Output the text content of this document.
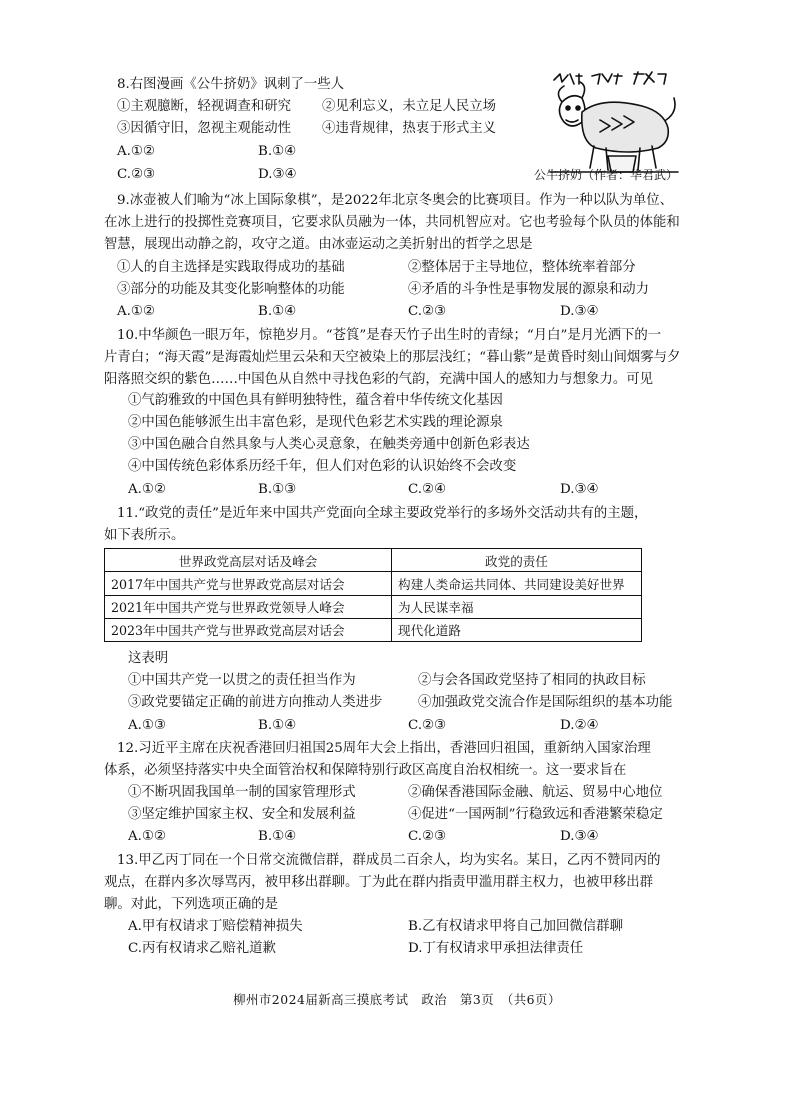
8.右图漫画《公牛挤奶》讽刺了一些人
①主观臆断，轻视调查和研究 ②见利忘义，未立足人民立场
③因循守旧，忽视主观能动性 ④违背规律，热衷于形式主义
A.①②	B.①④
C.②③	D.③④	公牛挤奶（作者：华君武）
9.冰壶被人们喻为“冰上国际象棋”，是2022年北京冬奥会的比赛项目。作为一种以队为单位、
在冰上进行的投掷性竞赛项目，它要求队员融为一体，共同机智应对。它也考验每个队员的体能和
智慧，展现出动静之韵，攻守之道。由冰壶运动之美折射出的哲学之思是
①人的自主选择是实践取得成功的基础	②整体居于主导地位，整体统率着部分
③部分的功能及其变化影响整体的功能	④矛盾的斗争性是事物发展的源泉和动力
A.①②	B.①④	C.②③	D.③④
10.中华颜色一眼万年，惊艳岁月。“苍筤”是春天竹子出生时的青绿；“月白”是月光洒下的一
片青白；“海天霞”是海霞灿烂里云朵和天空被染上的那层浅红；“暮山紫”是黄昏时刻山间烟雾与夕
阳落照交织的紫色……中国色从自然中寻找色彩的气韵，充满中国人的感知力与想象力。可见
①气韵雅致的中国色具有鲜明独特性，蕴含着中华传统文化基因
②中国色能够派生出丰富色彩，是现代色彩艺术实践的理论源泉
③中国色融合自然具象与人类心灵意象，在触类旁通中创新色彩表达
④中国传统色彩体系历经千年，但人们对色彩的认识始终不会改变
A.①②	B.①③	C.②④	D.③④
11.“政党的责任”是近年来中国共产党面向全球主要政党举行的多场外交活动共有的主题，
如下表所示。
世界政党高层对话及峰会	政党的责任
2017年中国共产党与世界政党高层对话会	构建人类命运共同体、共同建设美好世界
2021年中国共产党与世界政党领导人峰会	为人民谋幸福
2023年中国共产党与世界政党高层对话会	现代化道路
这表明
①中国共产党一以贯之的责任担当作为	②与会各国政党坚持了相同的执政目标
③政党要锚定正确的前进方向推动人类进步	④加强政党交流合作是国际组织的基本功能
A.①③	B.①④	C.②③	D.②④
12.习近平主席在庆祝香港回归祖国25周年大会上指出，香港回归祖国，重新纳入国家治理
体系，必须坚持落实中央全面管治权和保障特别行政区高度自治权相统一。这一要求旨在
①不断巩固我国单一制的国家管理形式	②确保香港国际金融、航运、贸易中心地位
③坚定维护国家主权、安全和发展利益	④促进“一国两制”行稳致远和香港繁荣稳定
A.①②	B.①④	C.②③	D.③④
13.甲乙丙丁同在一个日常交流微信群，群成员二百余人，均为实名。某日，乙丙不赞同丙的
观点，在群内多次辱骂丙，被甲移出群聊。丁为此在群内指责甲滥用群主权力，也被甲移出群
聊。对此，下列选项正确的是
A.甲有权请求丁赔偿精神损失	B.乙有权请求甲将自己加回微信群聊
C.丙有权请求乙赔礼道歉	D.丁有权请求甲承担法律责任
柳州市2024届新高三摸底考试　政治　第3页　（共6页）
